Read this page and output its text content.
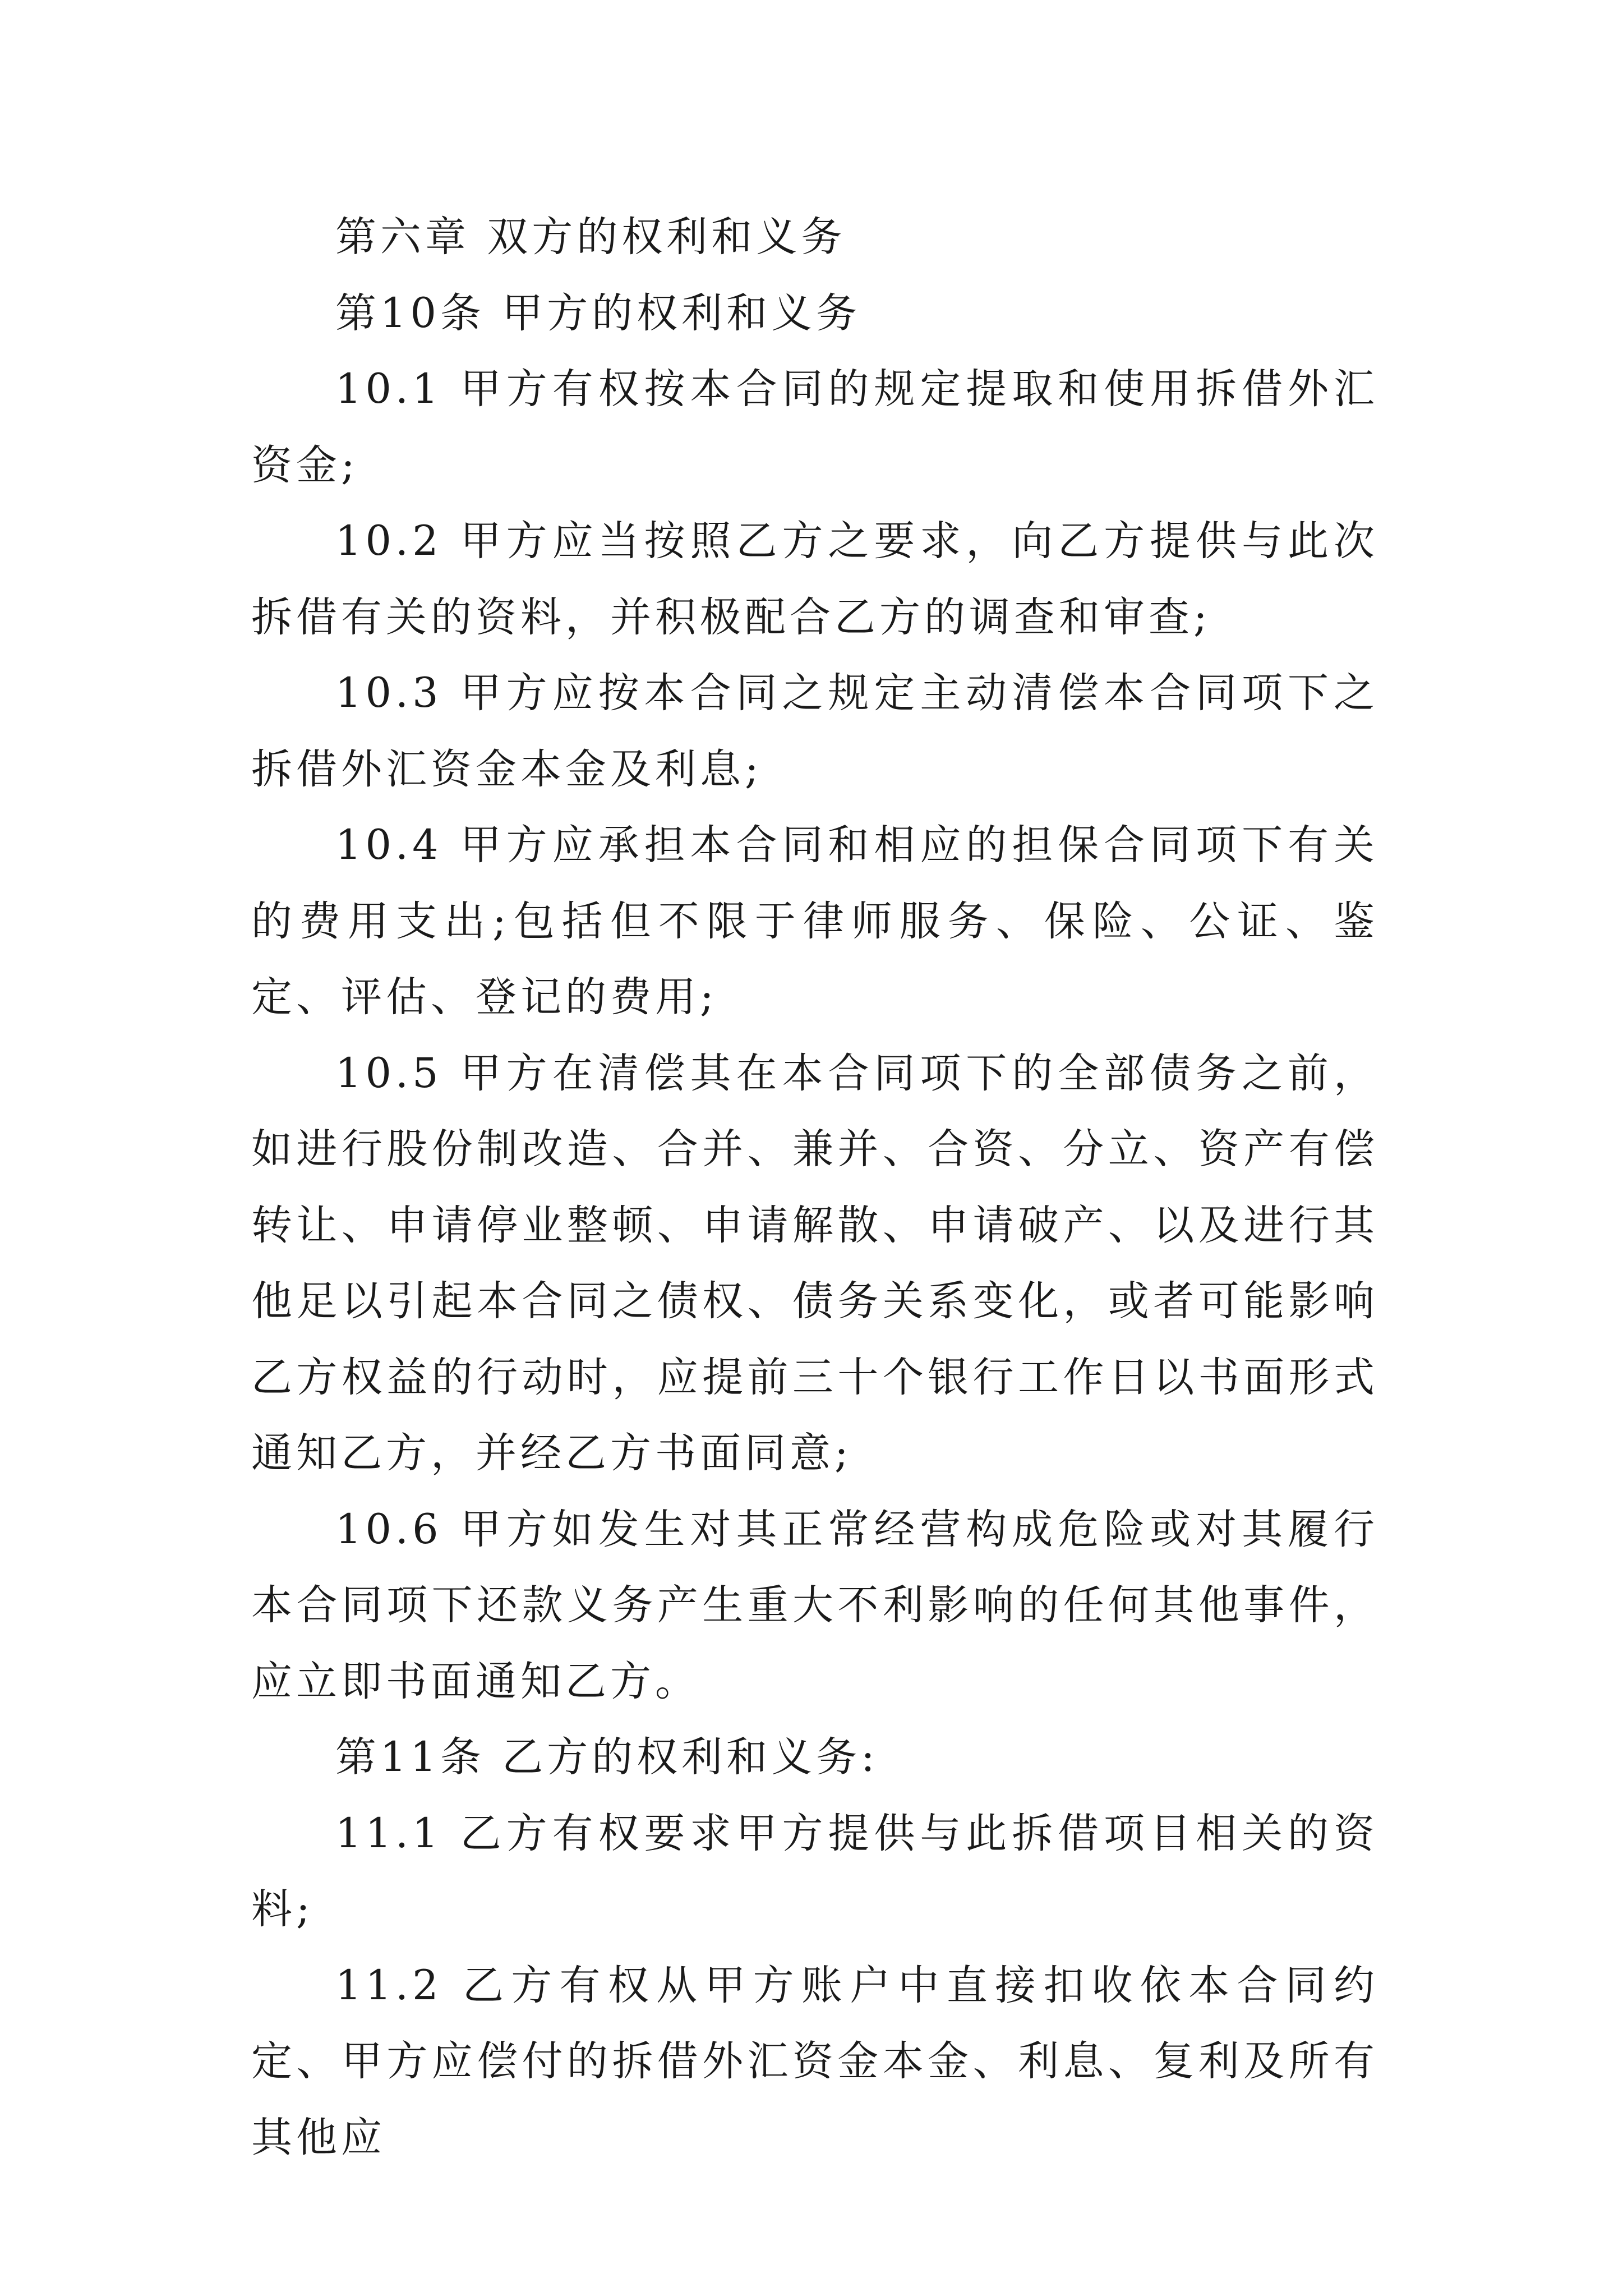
第六章 双方的权利和义务

第10条 甲方的权利和义务

10.1 甲方有权按本合同的规定提取和使用拆借外汇资金;

10.2 甲方应当按照乙方之要求，向乙方提供与此次拆借有关的资料，并积极配合乙方的调查和审查;

10.3 甲方应按本合同之规定主动清偿本合同项下之拆借外汇资金本金及利息;

10.4 甲方应承担本合同和相应的担保合同项下有关的费用支出;包括但不限于律师服务、保险、公证、鉴定、评估、登记的费用;

10.5 甲方在清偿其在本合同项下的全部债务之前，如进行股份制改造、合并、兼并、合资、分立、资产有偿转让、申请停业整顿、申请解散、申请破产、以及进行其他足以引起本合同之债权、债务关系变化，或者可能影响乙方权益的行动时，应提前三十个银行工作日以书面形式通知乙方，并经乙方书面同意;

10.6 甲方如发生对其正常经营构成危险或对其履行本合同项下还款义务产生重大不利影响的任何其他事件，应立即书面通知乙方。

第11条 乙方的权利和义务:

11.1 乙方有权要求甲方提供与此拆借项目相关的资料;

11.2 乙方有权从甲方账户中直接扣收依本合同约定、甲方应偿付的拆借外汇资金本金、利息、复利及所有其他应
